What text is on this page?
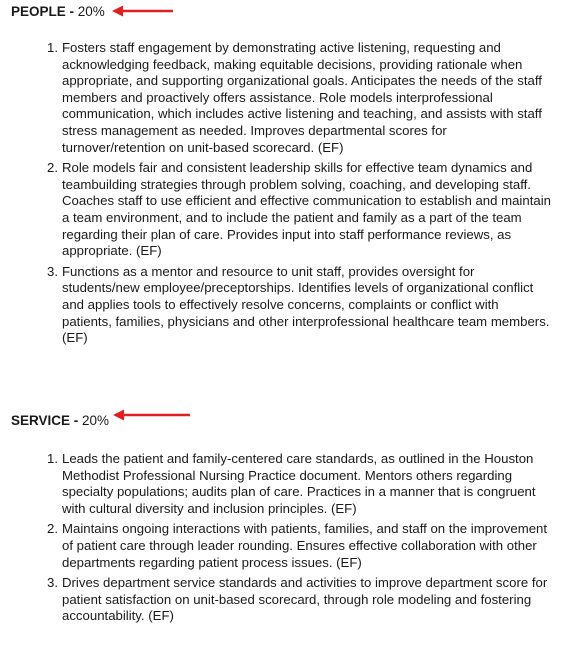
PEOPLE - 20%
1. Fosters staff engagement by demonstrating active listening, requesting and acknowledging feedback, making equitable decisions, providing rationale when appropriate, and supporting organizational goals. Anticipates the needs of the staff members and proactively offers assistance. Role models interprofessional communication, which includes active listening and teaching, and assists with staff stress management as needed. Improves departmental scores for turnover/retention on unit-based scorecard. (EF)
2. Role models fair and consistent leadership skills for effective team dynamics and teambuilding strategies through problem solving, coaching, and developing staff. Coaches staff to use efficient and effective communication to establish and maintain a team environment, and to include the patient and family as a part of the team regarding their plan of care. Provides input into staff performance reviews, as appropriate. (EF)
3. Functions as a mentor and resource to unit staff, provides oversight for students/new employee/preceptorships. Identifies levels of organizational conflict and applies tools to effectively resolve concerns, complaints or conflict with patients, families, physicians and other interprofessional healthcare team members. (EF)
SERVICE - 20%
1. Leads the patient and family-centered care standards, as outlined in the Houston Methodist Professional Nursing Practice document. Mentors others regarding specialty populations; audits plan of care. Practices in a manner that is congruent with cultural diversity and inclusion principles. (EF)
2. Maintains ongoing interactions with patients, families, and staff on the improvement of patient care through leader rounding. Ensures effective collaboration with other departments regarding patient process issues. (EF)
3. Drives department service standards and activities to improve department score for patient satisfaction on unit-based scorecard, through role modeling and fostering accountability. (EF)
